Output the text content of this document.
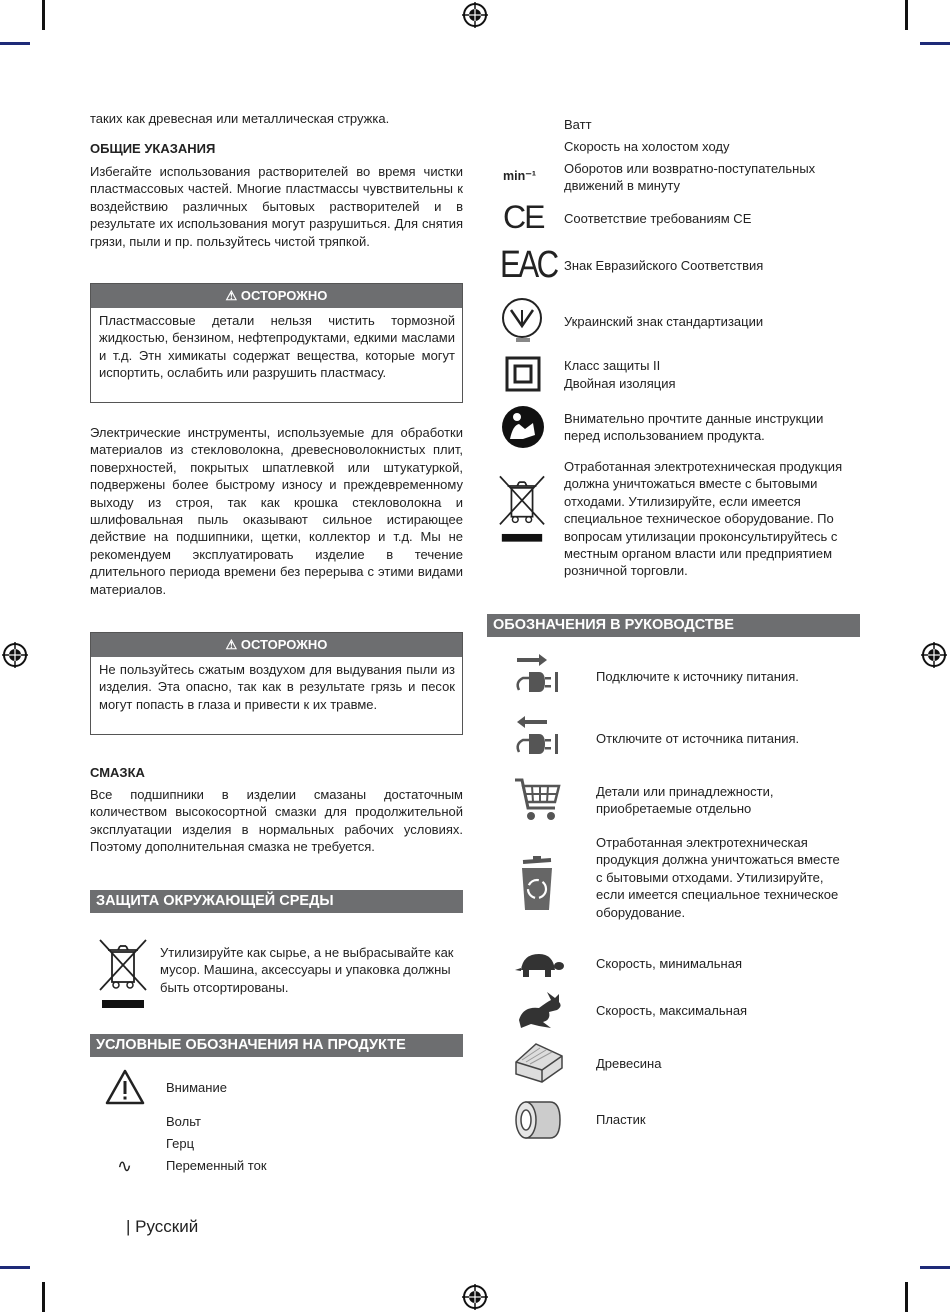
таких как древесная или металлическая стружка.
ОБЩИЕ УКАЗАНИЯ
Избегайте использования растворителей во время чистки пластмассовых частей. Многие пластмассы чувствительны к воздействию различных бытовых растворителей и в результате их использования могут разрушиться. Для снятия грязи, пыли и пр. пользуйтесь чистой тряпкой.
⚠ ОСТОРОЖНО
Пластмассовые детали нельзя чистить тормозной жидкостью, бензином, нефтепродуктами, едкими маслами и т.д. Этн химикаты содержат вещества, которые могут испортить, ослабить или разрушить пластмасу.
Электрические инструменты, используемые для обработки материалов из стекловолокна, древесноволокнистых плит, поверхностей, покрытых шпатлевкой или штукатуркой, подвержены более быстрому износу и преждевременному выходу из строя, так как крошка стекловолокна и шлифовальная пыль оказывают сильное истирающее действие на подшипники, щетки, коллектор и т.д. Мы не рекомендуем эксплуатировать изделие в течение длительного периода времени без перерыва с этими видами материалов.
⚠ ОСТОРОЖНО
Не пользуйтесь сжатым воздухом для выдувания пыли из изделия. Эта опасно, так как в результате грязь и песок могут попасть в глаза и привести к их травме.
СМАЗКА
Все подшипники в изделии смазаны достаточным количеством высокосортной смазки для продолжительной эксплуатации изделия в нормальных рабочих условиях. Поэтому дополнительная смазка не требуется.
ЗАЩИТА ОКРУЖАЮЩЕЙ СРЕДЫ
Утилизируйте как сырье, а не выбрасывайте как мусор. Машина, аксессуары и упаковка должны быть отсортированы.
УСЛОВНЫЕ ОБОЗНАЧЕНИЯ НА ПРОДУКТЕ
Внимание
Вольт
Герц
∿	Переменный ток
| Русский
Ватт
Скорость на холостом ходу
min⁻¹ Оборотов или возвратно-поступательных движений в минуту
CE Соответствие требованиям CE
EAC Знак Евразийского Соответствия
Украинский знак стандартизации
Класс защиты II
Двойная изоляция
Внимательно прочтите данные инструкции перед использованием продукта.
Отработанная электротехническая продукция должна уничтожаться вместе с бытовыми отходами. Утилизируйте, если имеется специальное техническое оборудование. По вопросам утилизации проконсультируйтесь с местным органом власти или предприятием розничной торговли.
ОБОЗНАЧЕНИЯ В РУКОВОДСТВЕ
Подключите к источнику питания.
Отключите от источника питания.
Детали или принадлежности, приобретаемые отдельно
Отработанная электротехническая продукция должна уничтожаться вместе с бытовыми отходами. Утилизируйте, если имеется специальное техническое оборудование.
Скорость, минимальная
Скорость, максимальная
Древесина
Пластик
